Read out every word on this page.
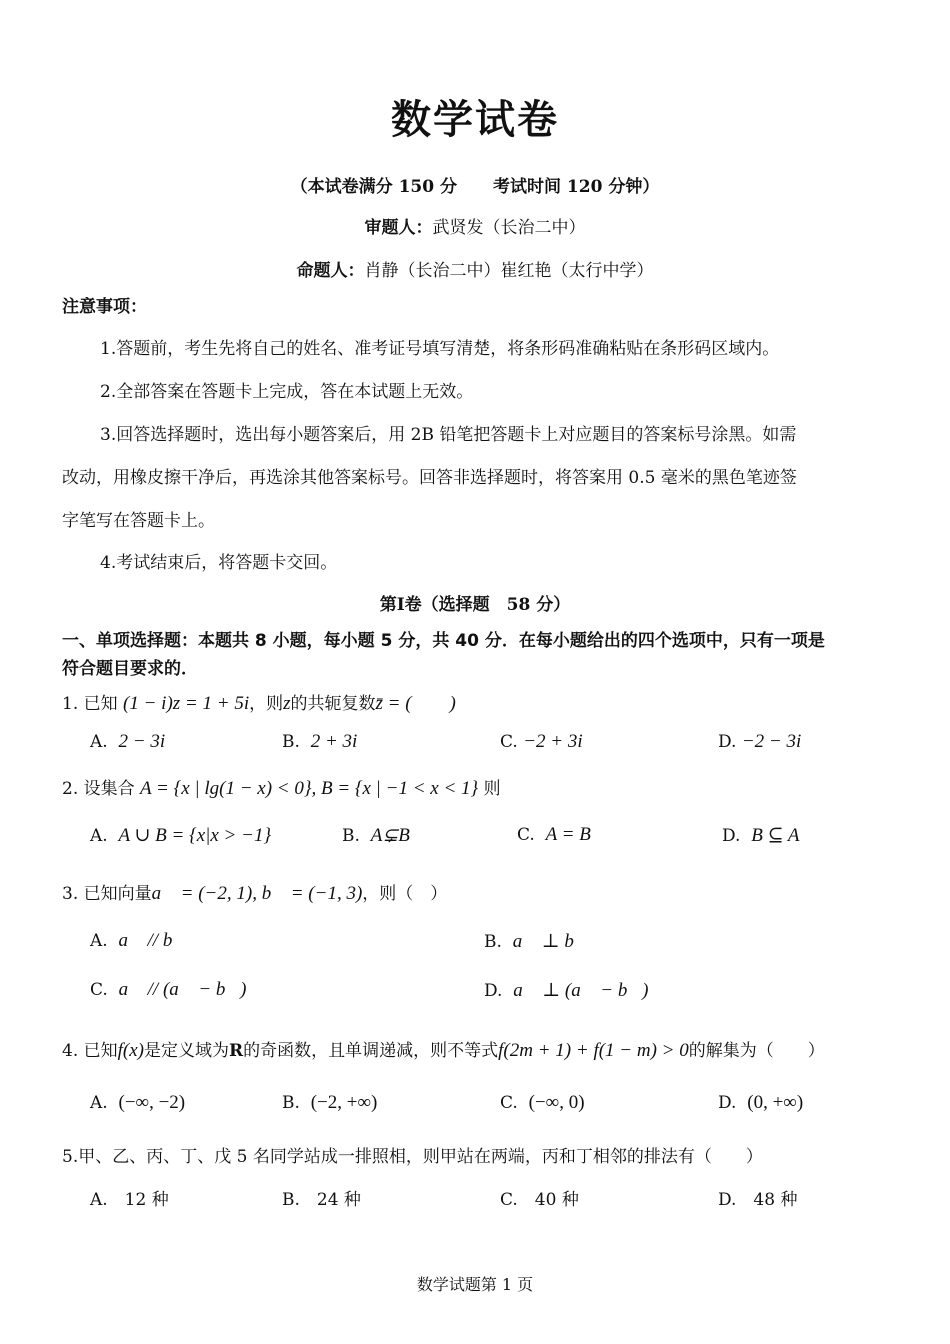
数学试卷
（本试卷满分 150 分 考试时间 120 分钟）
审题人：武贤发（长治二中）
命题人：肖静（长治二中）崔红艳（太行中学）
注意事项：
1.答题前，考生先将自己的姓名、准考证号填写清楚，将条形码准确粘贴在条形码区域内。
2.全部答案在答题卡上完成，答在本试题上无效。
3.回答选择题时，选出每小题答案后，用 2B 铅笔把答题卡上对应题目的答案标号涂黑。如需
改动，用橡皮擦干净后，再选涂其他答案标号。回答非选择题时，将答案用 0.5 毫米的黑色笔迹签
字笔写在答题卡上。
4.考试结束后，将答题卡交回。
第Ⅰ卷（选择题　58 分）
一、单项选择题：本题共 8 小题，每小题 5 分，共 40 分．在每小题给出的四个选项中，只有一项是
符合题目要求的．
1. 已知 (1 − i)z = 1 + 5i，则z的共轭复数z̄ = (　　)
A. 2 − 3i	B. 2 + 3i	C. −2 + 3i	D. −2 − 3i
2. 设集合 A = {x | lg(1 − x) < 0}, B = {x | −1 < x < 1} 则
A. A ∪ B = {x|x > −1}	B. A⊊B	C. A = B	D. B ⊆ A
3. 已知向量a⃗ = (−2, 1), b⃗ = (−1, 3)，则（　）
A. a⃗ // b⃗	B. a⃗ ⊥ b⃗
C. a⃗ // (a⃗ − b⃗)	D. a⃗ ⊥ (a⃗ − b⃗)
4. 已知f(x)是定义域为R的奇函数，且单调递减，则不等式f(2m + 1) + f(1 − m) > 0的解集为（　　）
A. (−∞, −2)	B. (−2, +∞)	C. (−∞, 0)	D. (0, +∞)
5.甲、乙、丙、丁、戊 5 名同学站成一排照相，则甲站在两端，丙和丁相邻的排法有（　　）
A.　12 种	B.　24 种	C.　40 种	D.　48 种
数学试题第 1 页
